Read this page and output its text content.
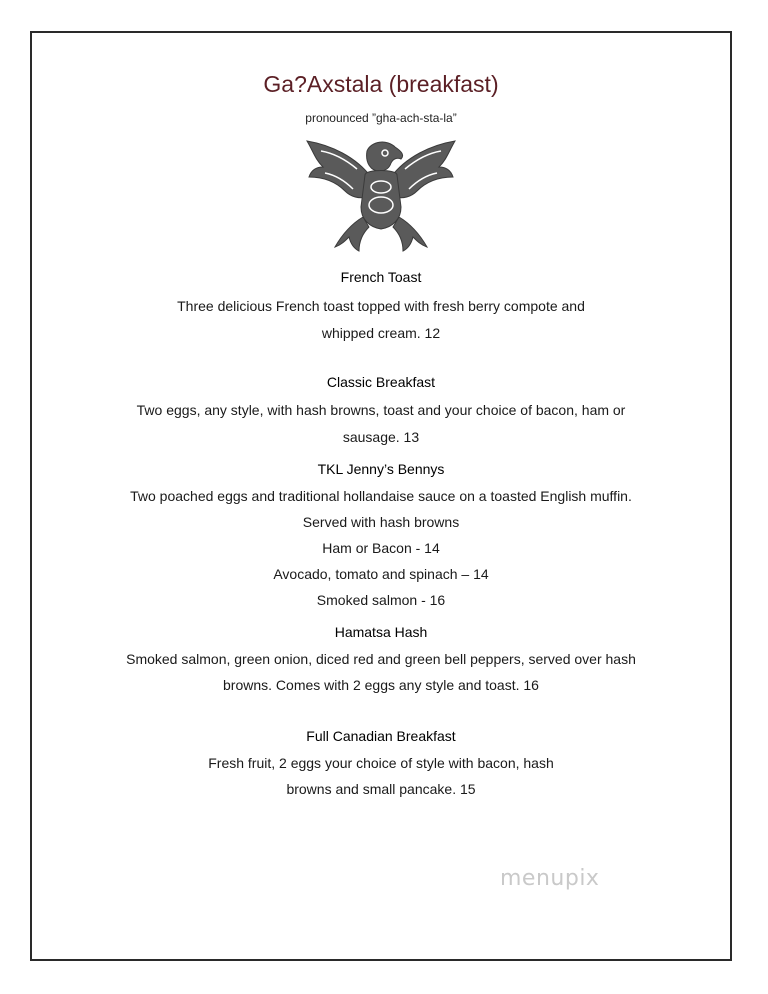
Ga?Axstala (breakfast)
pronounced ”gha-ach-sta-la”
French Toast
Three delicious French toast topped with fresh berry compote and
whipped cream. 12
Classic Breakfast
Two eggs, any style, with hash browns, toast and your choice of bacon, ham or
sausage. 13
TKL Jenny’s Bennys
Two poached eggs and traditional hollandaise sauce on a toasted English muffin.
Served with hash browns
Ham or Bacon - 14
Avocado, tomato and spinach – 14
Smoked salmon - 16
Hamatsa Hash
Smoked salmon, green onion, diced red and green bell peppers, served over hash
browns. Comes with 2 eggs any style and toast. 16
Full Canadian Breakfast
Fresh fruit, 2 eggs your choice of style with bacon, hash
browns and small pancake. 15
menupix
